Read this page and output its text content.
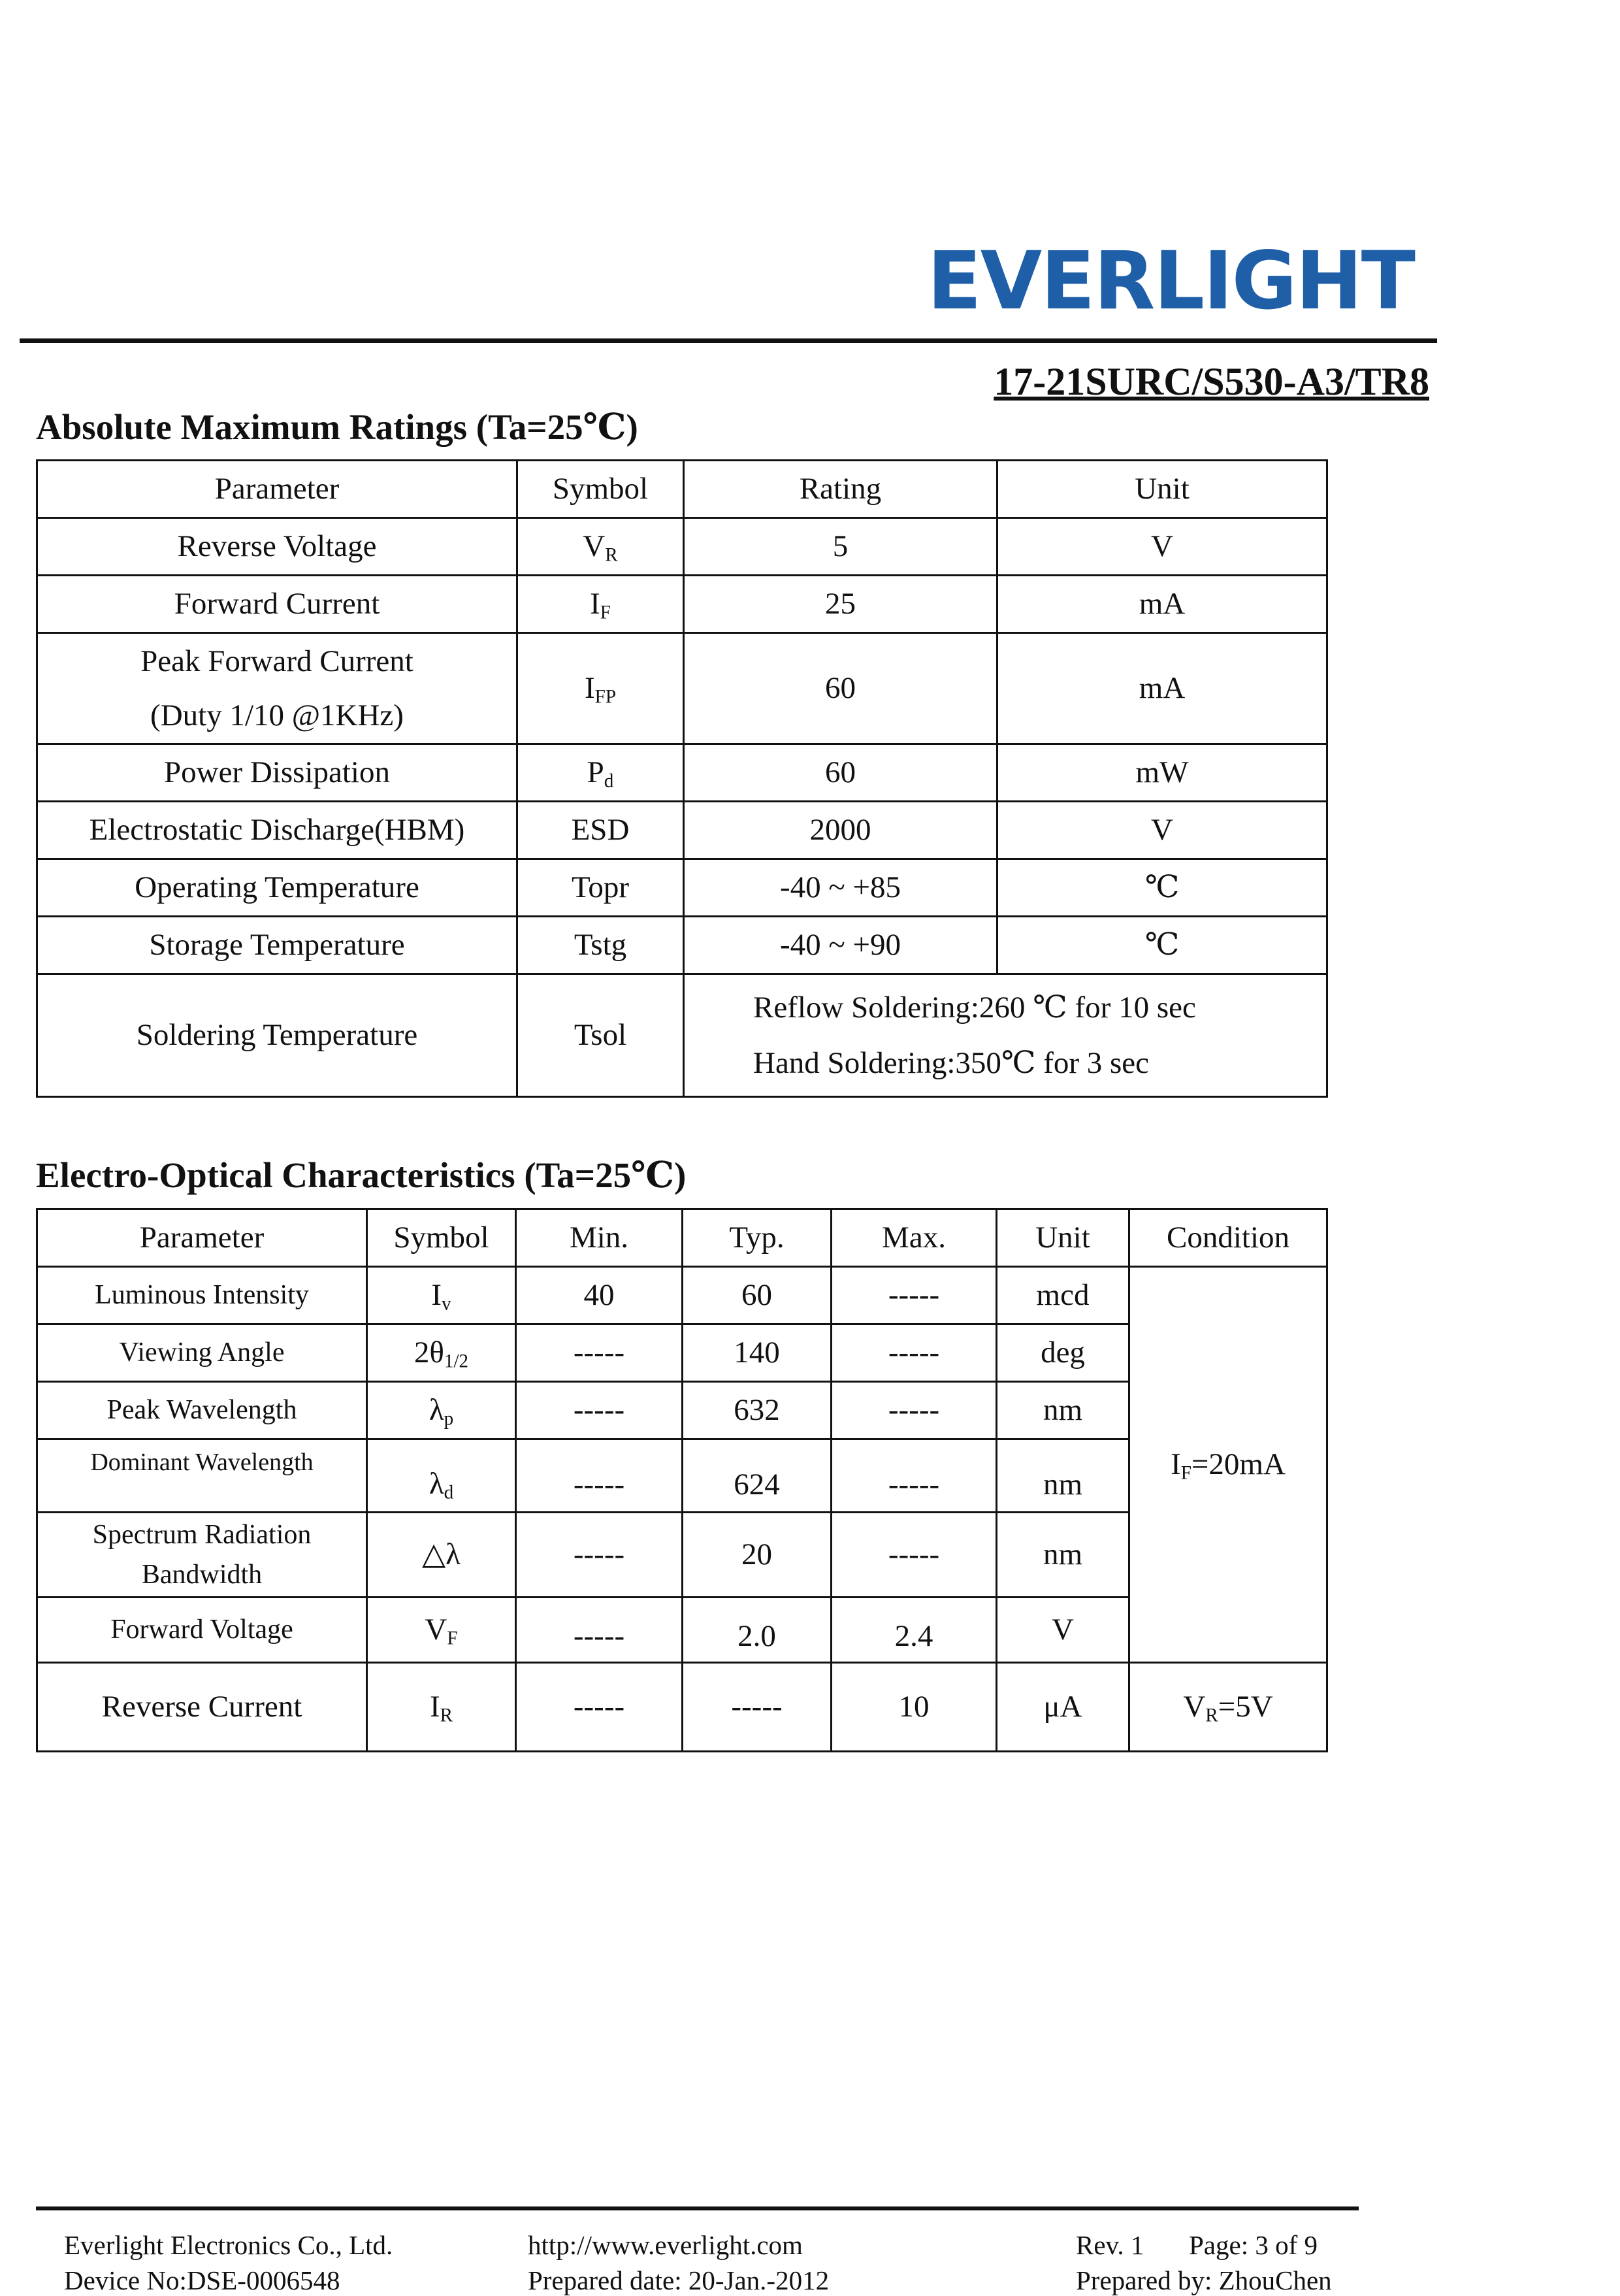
EVERLIGHT
17-21SURC/S530-A3/TR8
Absolute Maximum Ratings (Ta=25℃)
Parameter	Symbol	Rating	Unit
Reverse Voltage	$V_R$	5	V
Forward Current	$I_F$	25	mA

Peak Forward Current
(Duty 1/10 @1KHz)	$I_{FP}$	60	mA
Power Dissipation	$P_d$	60	mW
Electrostatic Discharge(HBM)	ESD	2000	V
Operating Temperature	Topr	-40 ~ +85	℃
Storage Temperature	Tstg	-40 ~ +90	℃
Soldering Temperature	Tsol	Reflow Soldering:260 ℃ for 10 sec
Hand Soldering:350℃ for 3 sec	
Electro-Optical Characteristics (Ta=25℃)
Parameter	Symbol	Min.	Typ.	Max.	Unit	Condition
Luminous Intensity	$I_v$	40	60	-----	mcd	$I_F=20mA$
Viewing Angle	$2\theta_{1/2}$	-----	140	-----	deg	
Peak Wavelength	$\lambda_p$	-----	632	-----	nm	
Dominant Wavelength	$\lambda_d$	-----	624	-----	nm	

Spectrum Radiation
Bandwidth	△λ	-----	20	-----	nm	
Forward Voltage	$V_F$	-----	2.0	2.4	V	
Reverse Current	$I_R$	-----	-----	10	μA	$V_R=5V$
Everlight Electronics Co., Ltd.	http://www.everlight.com	Rev. 1 Page: 3 of 9
Device No:DSE-0006548	Prepared date: 20-Jan.-2012	Prepared by: ZhouChen
